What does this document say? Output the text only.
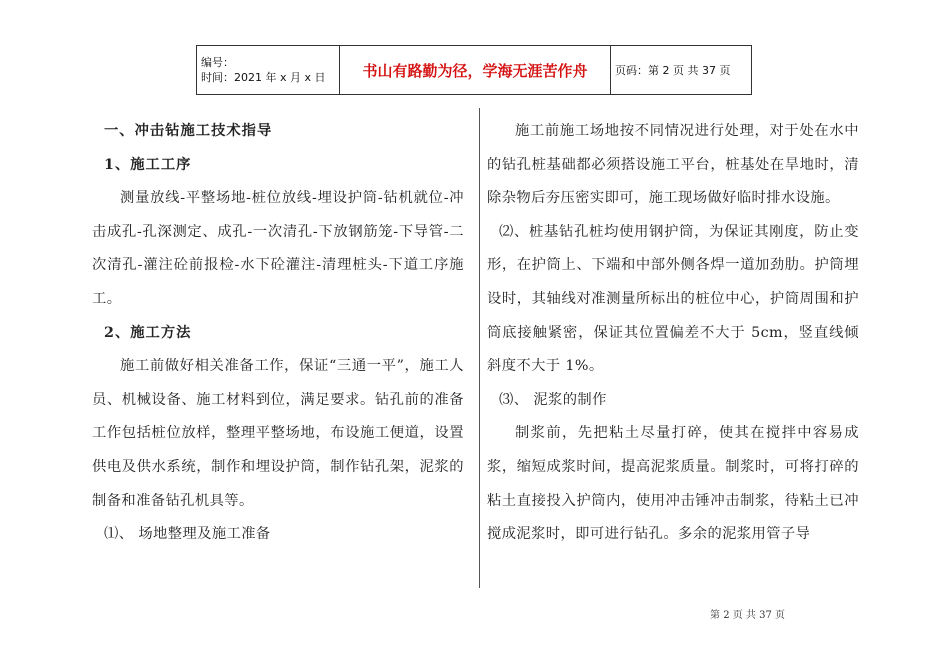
编号：
时间：2021 年 x 月 x 日	书山有路勤为径，学海无涯苦作舟	页码：第 2 页 共 37 页

一、冲击钻施工技术指导

1、施工工序

测量放线-平整场地-桩位放线-埋设护筒-钻机就位-冲击成孔-孔深测定、成孔-一次清孔-下放钢筋笼-下导管-二次清孔-灌注砼前报检-水下砼灌注-清理桩头-下道工序施工。

2、施工方法

施工前做好相关准备工作，保证“三通一平”，施工人员、机械设备、施工材料到位，满足要求。钻孔前的准备工作包括桩位放样，整理平整场地，布设施工便道，设置供电及供水系统，制作和埋设护筒，制作钻孔架，泥浆的制备和准备钻孔机具等。

⑴、 场地整理及施工准备

施工前施工场地按不同情况进行处理，对于处在水中的钻孔桩基础都必须搭设施工平台，桩基处在旱地时，清除杂物后夯压密实即可，施工现场做好临时排水设施。

⑵、桩基钻孔桩均使用钢护筒，为保证其刚度，防止变形，在护筒上、下端和中部外侧各焊一道加劲肋。护筒埋设时，其轴线对准测量所标出的桩位中心，护筒周围和护筒底接触紧密，保证其位置偏差不大于 5cm，竖直线倾斜度不大于 1%。

⑶、 泥浆的制作

制浆前，先把粘土尽量打碎，使其在搅拌中容易成浆，缩短成浆时间，提高泥浆质量。制浆时，可将打碎的粘土直接投入护筒内，使用冲击锤冲击制浆，待粘土已冲搅成泥浆时，即可进行钻孔。多余的泥浆用管子导

第 2 页 共 37 页
